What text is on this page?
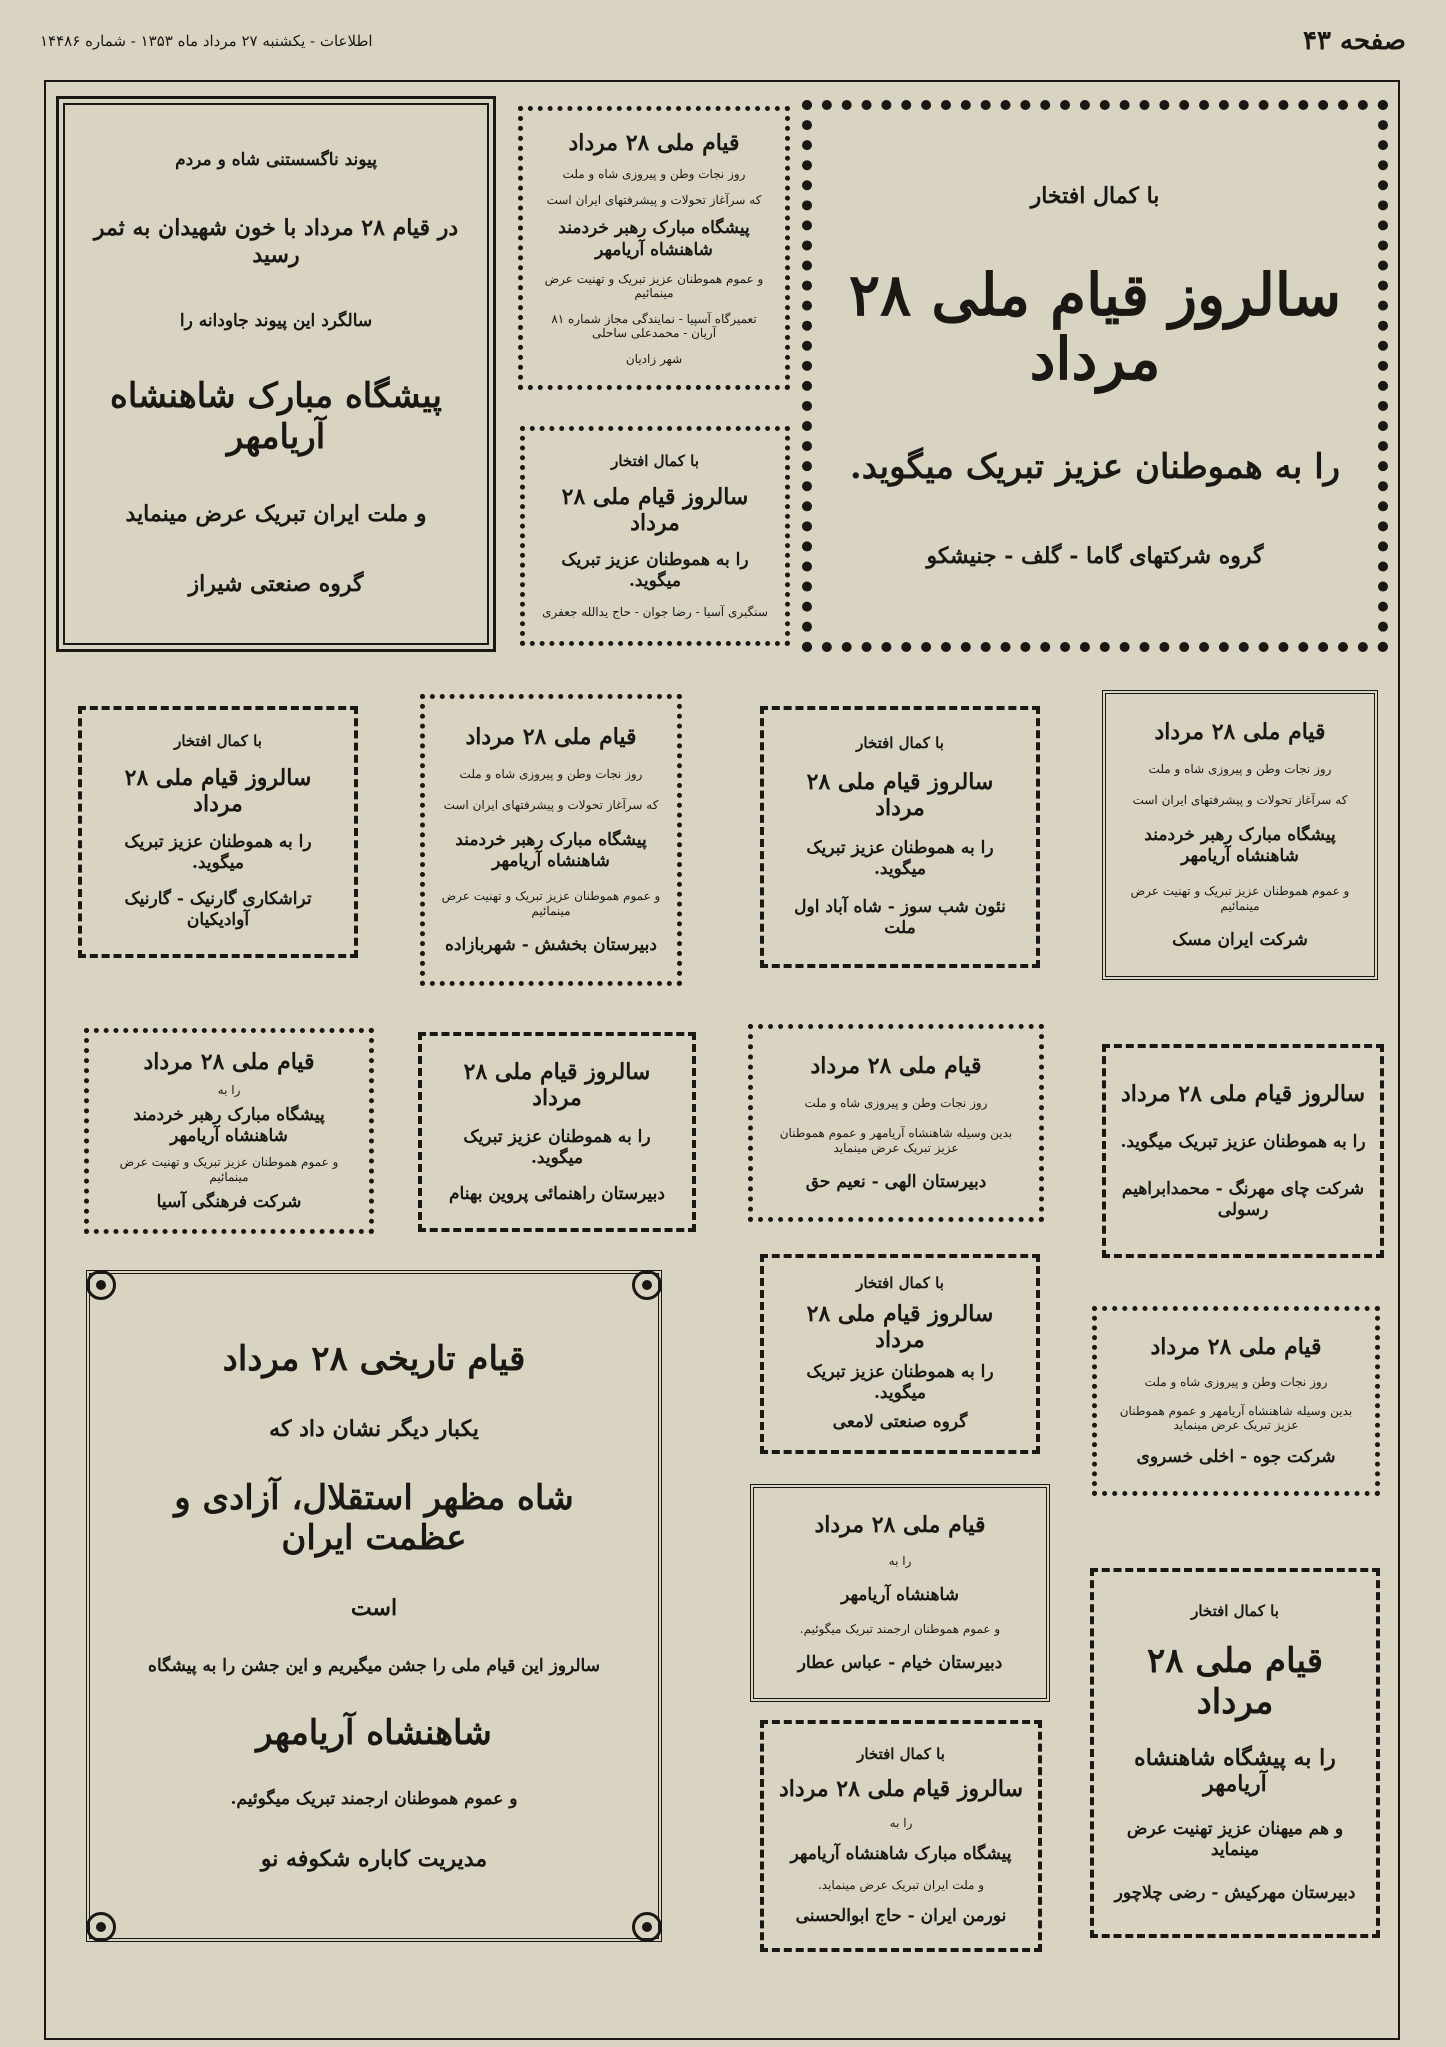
صفحه ۴۳
اطلاعات - یکشنبه ۲۷ مرداد ماه ۱۳۵۳ - شماره ۱۴۴۸۶
پیوند ناگسستنی شاه و مردم
در قیام ۲۸ مرداد با خون شهیدان به ثمر رسید
سالگرد این پیوند جاودانه را
پیشگاه مبارک شاهنشاه آریامهر
و ملت ایران تبریک عرض مینماید
گروه صنعتی شیراز
قیام ملی ۲۸ مرداد
روز نجات وطن و پیروزی شاه و ملت
که سرآغاز تحولات و پیشرفتهای ایران است
پیشگاه مبارک رهبر خردمند شاهنشاه آریامهر
و عموم هموطنان عزیز تبریک و تهنیت عرض مینمائیم
تعمیرگاه آسپیا - نمایندگی مجاز شماره ۸۱ آریان - محمدعلی ساحلی
شهر زادیان
با کمال افتخار
سالروز قیام ملی ۲۸ مرداد
را به هموطنان عزیز تبریک میگوید.
گروه شرکتهای گاما - گلف - جنیشکو
با کمال افتخار
سالروز قیام ملی ۲۸ مرداد
را به هموطنان عزیز تبریک میگوید.
سنگبری آسیا - رضا جوان - حاج یدالله جعفری
با کمال افتخار
سالروز قیام ملی ۲۸ مرداد
را به هموطنان عزیز تبریک میگوید.
تراشکاری گارنیک - گارنیک آوادیکیان
قیام ملی ۲۸ مرداد
روز نجات وطن و پیروزی شاه و ملت
که سرآغاز تحولات و پیشرفتهای ایران است
پیشگاه مبارک رهبر خردمند شاهنشاه آریامهر
و عموم هموطنان عزیز تبریک و تهنیت عرض مینمائیم
دبیرستان بخشش - شهربازاده
با کمال افتخار
سالروز قیام ملی ۲۸ مرداد
را به هموطنان عزیز تبریک میگوید.
نئون شب سوز - شاه آباد اول ملت
قیام ملی ۲۸ مرداد
روز نجات وطن و پیروزی شاه و ملت
که سرآغاز تحولات و پیشرفتهای ایران است
پیشگاه مبارک رهبر خردمند شاهنشاه آریامهر
و عموم هموطنان عزیز تبریک و تهنیت عرض مینمائیم
شرکت ایران مسک
قیام ملی ۲۸ مرداد
را به
پیشگاه مبارک رهبر خردمند شاهنشاه آریامهر
و عموم هموطنان عزیز تبریک و تهنیت عرض مینمائیم
شرکت فرهنگی آسیا
سالروز قیام ملی ۲۸ مرداد
را به هموطنان عزیز تبریک میگوید.
دبیرستان راهنمائی پروین بهنام
قیام ملی ۲۸ مرداد
روز نجات وطن و پیروزی شاه و ملت
بدین وسیله شاهنشاه آریامهر و عموم هموطنان عزیز تبریک عرض مینماید
دبیرستان الهی - نعیم حق
سالروز قیام ملی ۲۸ مرداد
را به هموطنان عزیز تبریک میگوید.
شرکت چای مهرنگ - محمدابراهیم رسولی
قیام تاریخی ۲۸ مرداد
یکبار دیگر نشان داد که
شاه مظهر استقلال، آزادی و عظمت ایران
است
سالروز این قیام ملی را جشن میگیریم و این جشن را به پیشگاه
شاهنشاه آریامهر
و عموم هموطنان ارجمند تبریک میگوئیم.
مدیریت کاباره شکوفه نو
با کمال افتخار
سالروز قیام ملی ۲۸ مرداد
را به هموطنان عزیز تبریک میگوید.
گروه صنعتی لامعی
قیام ملی ۲۸ مرداد
روز نجات وطن و پیروزی شاه و ملت
بدین وسیله شاهنشاه آریامهر و عموم هموطنان عزیز تبریک عرض مینماید
شرکت جوه - اخلی خسروی
قیام ملی ۲۸ مرداد
را به
شاهنشاه آریامهر
و عموم هموطنان ارجمند تبریک میگوئیم.
دبیرستان خیام - عباس عطار
با کمال افتخار
قیام ملی ۲۸ مرداد
را به پیشگاه شاهنشاه آریامهر
و هم میهنان عزیز تهنیت عرض مینماید
دبیرستان مهرکیش - رضی چلاچور
با کمال افتخار
سالروز قیام ملی ۲۸ مرداد
را به
پیشگاه مبارک شاهنشاه آریامهر
و ملت ایران تبریک عرض مینماید.
نورمن ایران - حاج ابوالحسنی
